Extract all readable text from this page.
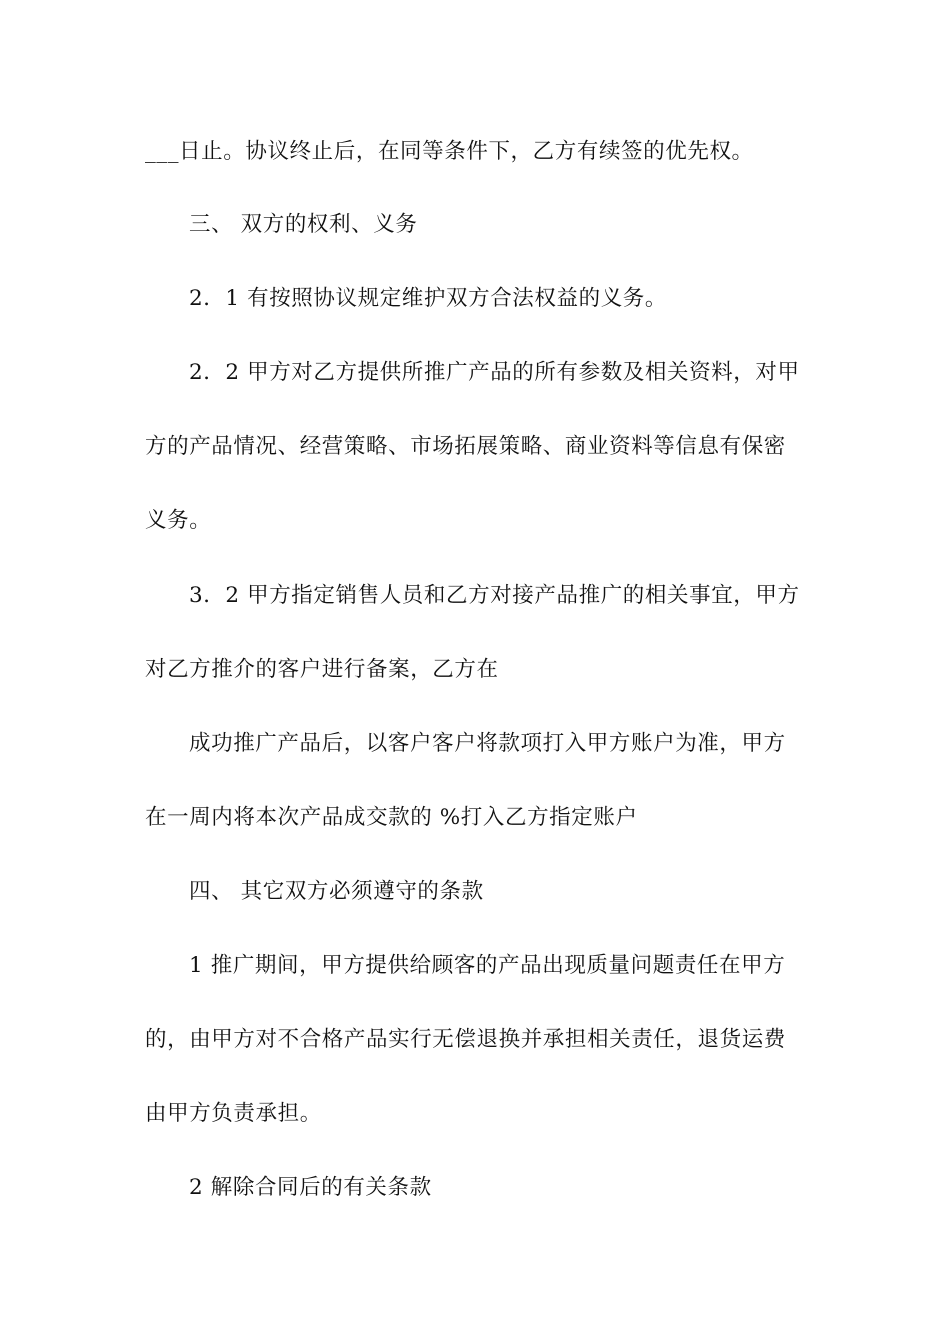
___日止。协议终止后，在同等条件下，乙方有续签的优先权。
三、 双方的权利、义务
2．1 有按照协议规定维护双方合法权益的义务。
2．2 甲方对乙方提供所推广产品的所有参数及相关资料，对甲
方的产品情况、经营策略、市场拓展策略、商业资料等信息有保密
义务。
3．2 甲方指定销售人员和乙方对接产品推广的相关事宜，甲方
对乙方推介的客户进行备案，乙方在
成功推广产品后，以客户客户将款项打入甲方账户为准，甲方
在一周内将本次产品成交款的 %打入乙方指定账户
四、 其它双方必须遵守的条款
1 推广期间，甲方提供给顾客的产品出现质量问题责任在甲方
的，由甲方对不合格产品实行无偿退换并承担相关责任，退货运费
由甲方负责承担。
2 解除合同后的有关条款
